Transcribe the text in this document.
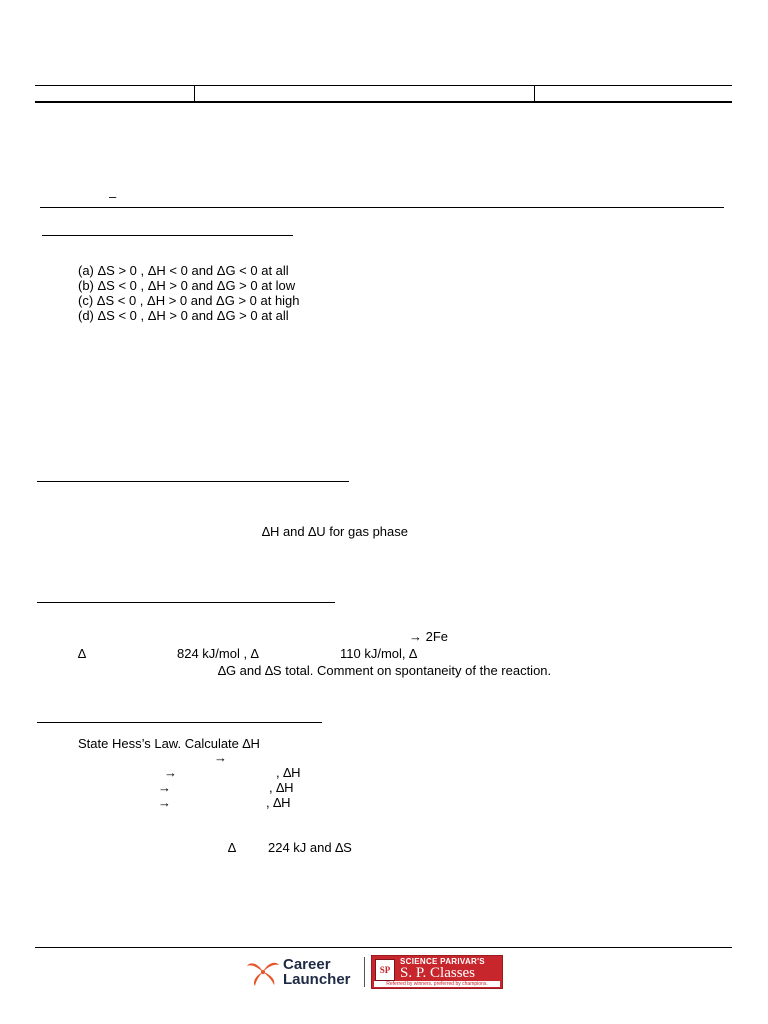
–
(a) ΔS > 0 , ΔH < 0 and ΔG < 0 at all
(b) ΔS < 0 , ΔH > 0 and ΔG > 0 at low
(c) ΔS < 0 , ΔH > 0 and ΔG > 0 at high
(d) ΔS < 0 , ΔH > 0 and ΔG > 0 at all
∆H and ∆U for gas phase
→ 2Fe
∆	824 kJ/mol , ∆	110 kJ/mol, ∆
∆G and ∆S total. Comment on spontaneity of the reaction.
State Hess’s Law. Calculate ∆H
→
→	, ∆H
→	, ∆H
→	, ∆H
∆ 224 kJ and ∆S
Career
Launcher
SP
SCIENCE PARIVAR'S
S. P. Classes
Referred by winners, preferred by champions.
